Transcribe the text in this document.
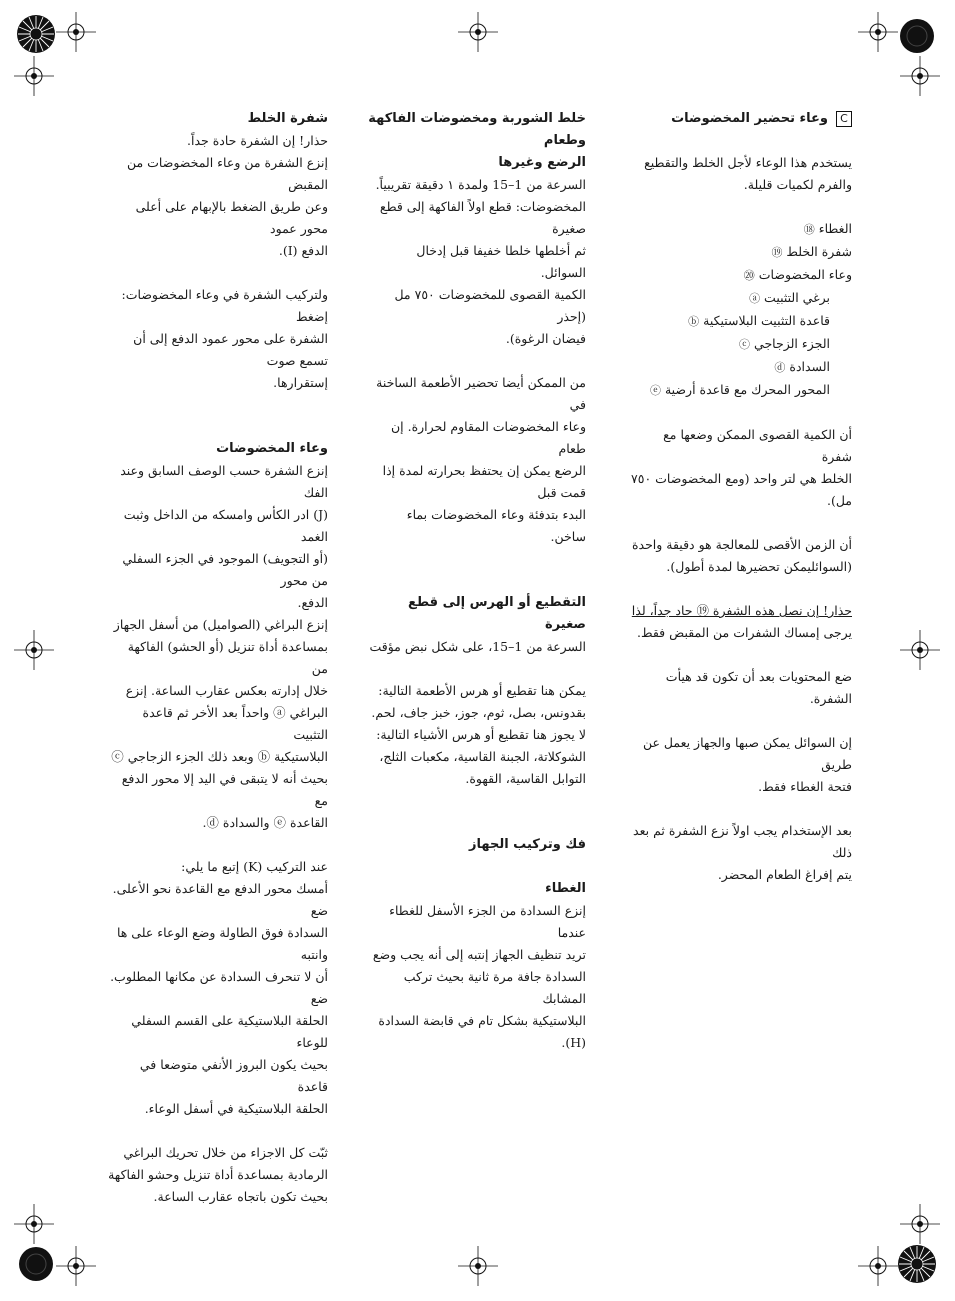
Cوعاء تحضير المخضوضات

يستخدم هذا الوعاء لأجل الخلط والتقطيع

والفرم لكميات قليلة.

الغطاء ⑱

شفرة الخلط ⑲

وعاء المخضوضات ⑳

برغي التثبيت ⓐ

قاعدة التثبيت البلاستيكية ⓑ

الجزء الزجاجي ⓒ

السدادة ⓓ

المحور المحرك مع قاعدة أرضية ⓔ

أن الكمية القصوى الممكن وضعها مع شفرة

الخلط هي لتر واحد (ومع المخضوضات ٧٥٠ مل).

أن الزمن الأقصى للمعالجة هو دقيقة واحدة

(السوائليمكن تحضيرها لمدة أطول).

حذار! إن نصل هذه الشفرة ⑲ حاد جداً، لذا

يرجى إمساك الشفرات من المقبض فقط.

ضع المحتويات بعد أن تكون قد هيأت الشفرة.

إن السوائل يمكن صبها والجهاز يعمل عن طريق

فتحة الغطاء فقط.

بعد الإستخدام يجب اولاً نزع الشفرة ثم بعد ذلك

يتم إفراغ الطعام المحضر.

خلط الشوربة ومخضوضات الفاكهة وطعام

الرضع وغيرها

السرعة من 1–15 ولمدة ١ دقيقة تقريبياً.

المخضوضات: قطع اولاً الفاكهة إلى قطع صغيرة

ثم أخلطها خلطا خفيفا قبل إدخال السوائل.

الكمية القصوى للمخضوضات ٧٥٠ مل (إحذر

فيضان الرغوة).

من الممكن أيضا تحضير الأطعمة الساخنة في

وعاء المخضوضات المقاوم لحرارة. إن طعام

الرضع يمكن إن يحتفظ بحرارته لمدة إذا قمت قبل

البدء بتدفئة وعاء المخضوضات بماء ساخن.

التقطيع أو الهرس إلى قطع صغيرة

السرعة من 1–15، على شكل نبض مؤقت

يمكن هنا تقطيع أو هرس الأطعمة التالية:

بقدونس، بصل، ثوم، جوز، خبز جاف، لحم.

لا يجوز هنا تقطيع أو هرس الأشياء التالية:

الشوكلاتة، الجبنة القاسية، مكعبات الثلج،

التوابل القاسية، القهوة.

فك وتركيب الجهاز

الغطاء

إنزع السدادة من الجزء الأسفل للغطاء عندما

تريد تنظيف الجهاز إنتبه إلى أنه يجب وضع

السدادة جافة مرة ثانية بحيث تركب المشابك

البلاستيكية بشكل تام في قابضة السدادة (H).

شفرة الخلط

حذار! إن الشفرة حادة جداً.

إنزع الشفرة من وعاء المخضوضات من المقبض

وعن طريق الضغط بالإبهام على أعلى محور عمود

الدفع (I).

ولتركيب الشفرة في وعاء المخضوضات: إضغط

الشفرة على محور عمود الدفع إلى أن تسمع صوت

إستقرارها.

وعاء المخضوضات

إنزع الشفرة حسب الوصف السابق وعند الفك

(J) ادر الكأس وامسكه من الداخل وثبت الغمد

(أو التجويف) الموجود في الجزء السفلي من محور

الدفع.

إنزع البراغي (الصواميل) من أسفل الجهاز

بمساعدة أداة تنزيل (أو الحشو) الفاكهة من

خلال إدارته بعكس عقارب الساعة. إنزع

البراغي ⓐ واحداً بعد الأخر ثم قاعدة التثبيت

البلاستيكية ⓑ وبعد ذلك الجزء الزجاجي ⓒ

بحيث أنه لا يتبقى في اليد إلا محور الدفع مع

القاعدة ⓔ والسدادة ⓓ.

عند التركيب (K) إتبع ما يلي:

أمسك محور الدفع مع القاعدة نحو الأعلى. ضع

السدادة فوق الطاولة وضع الوعاء على ها وانتبه

أن لا تنحرف السدادة عن مكانها المطلوب. ضع

الحلقة البلاستيكية على القسم السفلي للوعاء

بحيث يكون البروز الأنفي متوضعا في قاعدة

الحلقة البلاستيكية في أسفل الوعاء.

ثبّت كل الاجزاء من خلال تحريك البراغي

الرمادية بمساعدة أداة تنزيل وحشو الفاكهة

بحيث تكون باتجاه عقارب الساعة.
